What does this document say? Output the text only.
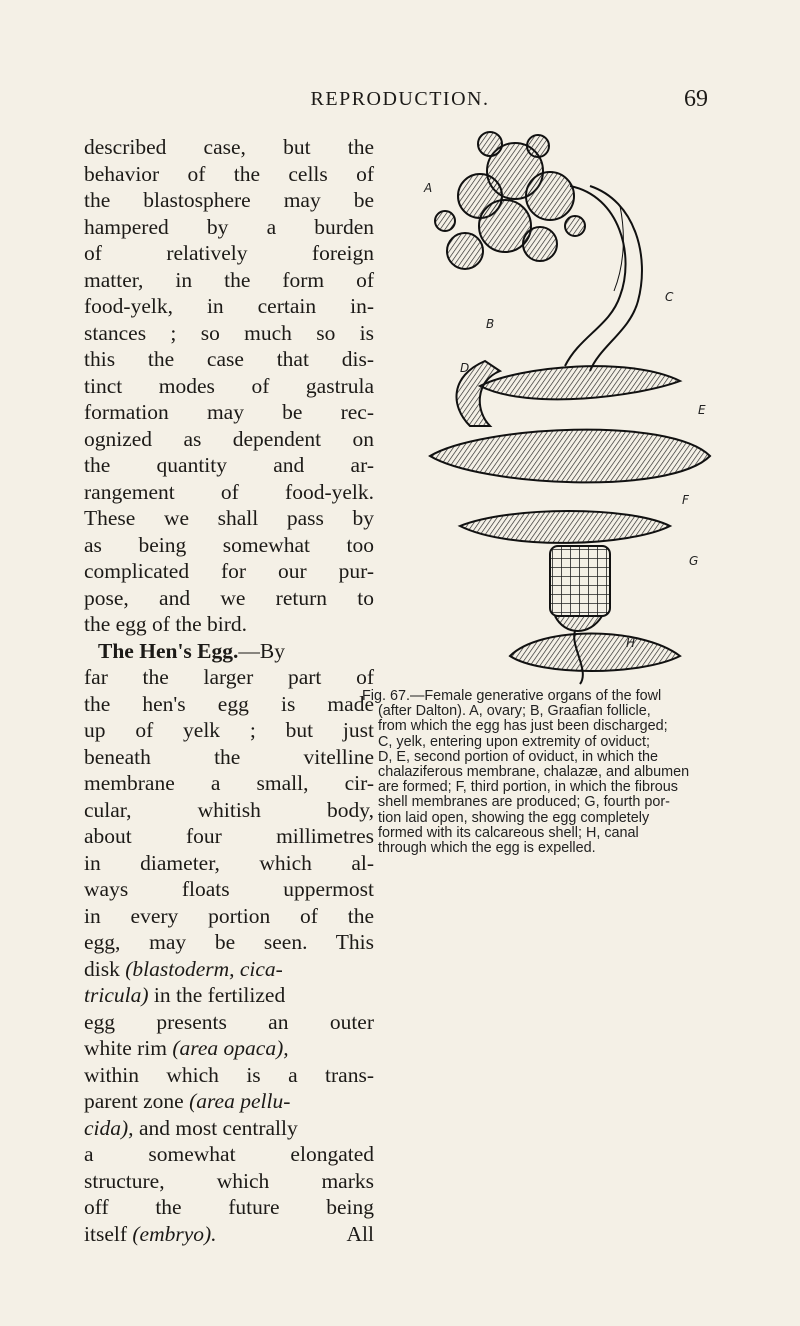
REPRODUCTION.	69
described case, but the
behavior of the cells of
the blastosphere may be
hampered by a burden
of relatively foreign
matter, in the form of
food-yelk, in certain in-
stances ; so much so is
this the case that dis-
tinct modes of gastrula
formation may be rec-
ognized as dependent on
the quantity and ar-
rangement of food-yelk.
These we shall pass by
as being somewhat too
complicated for our pur-
pose, and we return to
the egg of the bird.
The Hen's Egg.—By
far the larger part of
the hen's egg is made
up of yelk ; but just
beneath the vitelline
membrane a small, cir-
cular, whitish body,
about four millimetres
in diameter, which al-
ways floats uppermost
in every portion of the
egg, may be seen. This
disk (blastoderm, cica-
tricula) in the fertilized
egg presents an outer
white rim (area opaca),
within which is a trans-
parent zone (area pellu-
cida), and most centrally
a somewhat elongated
structure, which marks
off the future being
itself (embryo).	All
A
B
C
D
E
F
G
H
Fig. 67.—Female generative organs of the fowl
(after Dalton). A, ovary; B, Graafian follicle,
from which the egg has just been discharged;
C, yelk, entering upon extremity of oviduct;
D, E, second portion of oviduct, in which the
chalaziferous membrane, chalazæ, and albumen
are formed; F, third portion, in which the fibrous
shell membranes are produced; G, fourth por-
tion laid open, showing the egg completely
formed with its calcareous shell; H, canal
through which the egg is expelled.
